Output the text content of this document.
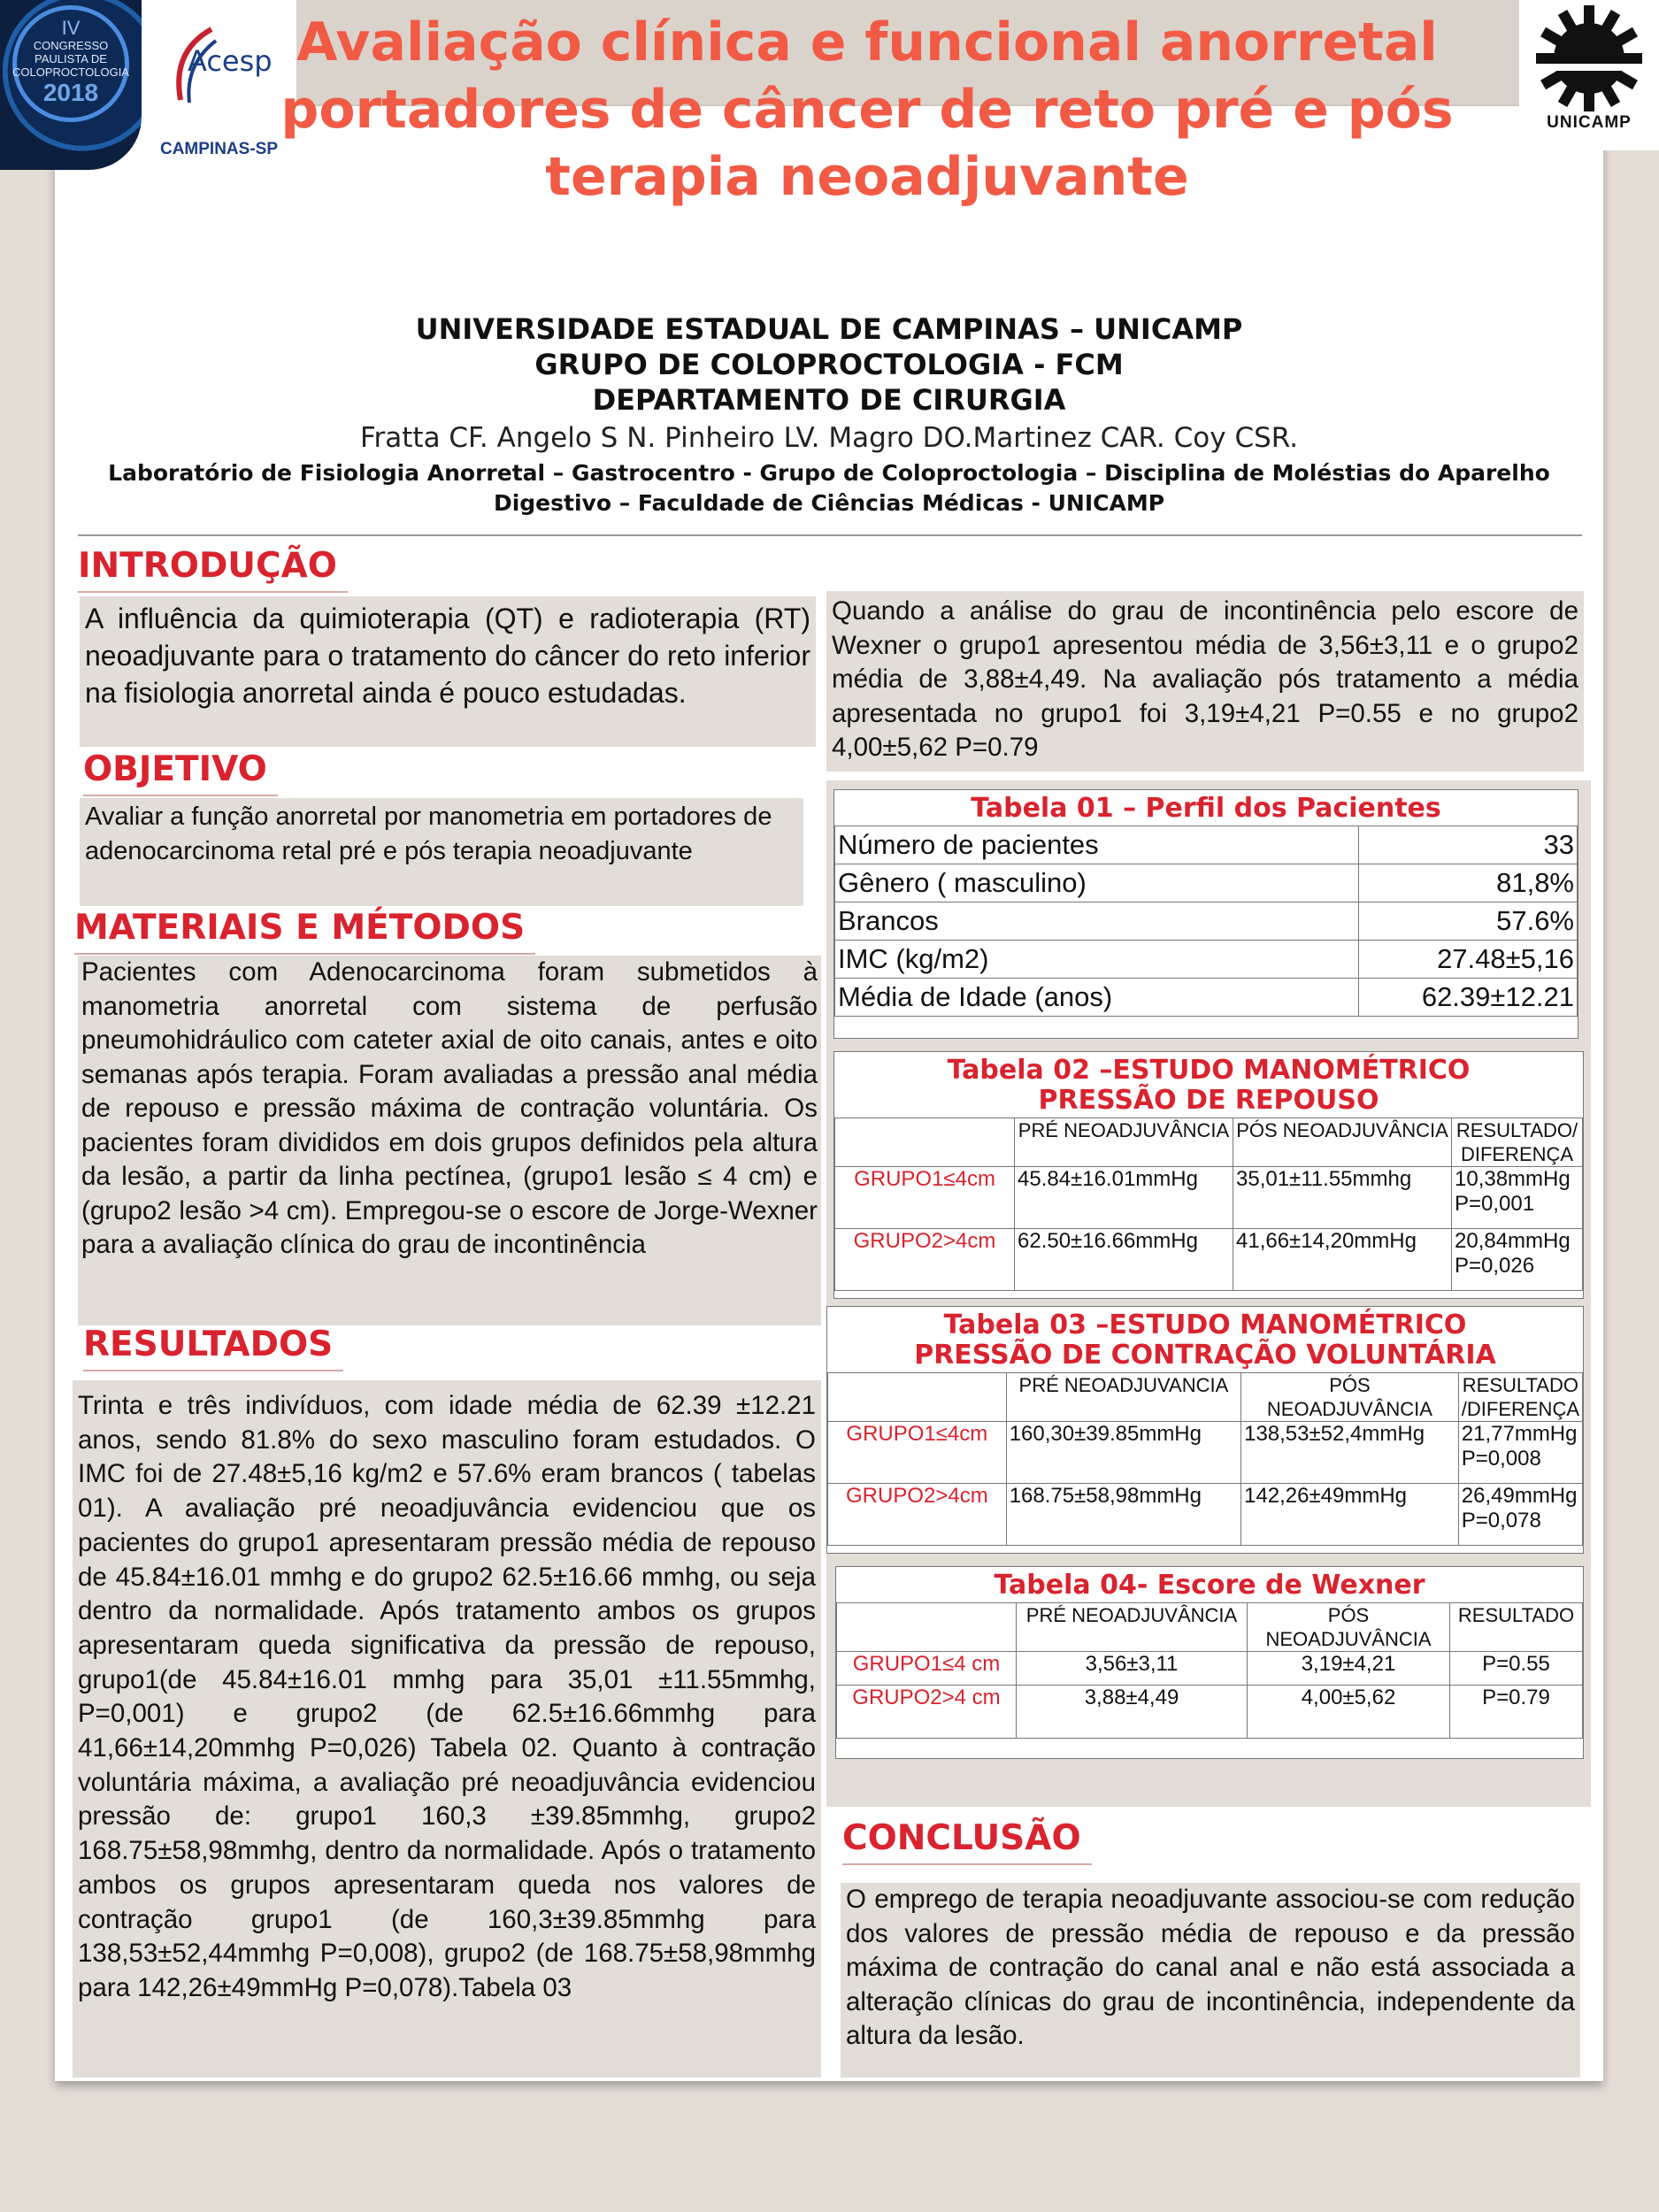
IV
CONGRESSO PAULISTA DE COLOPROCTOLOGIA
2018
Acesp
CAMPINAS-SP
UNICAMP
Avaliação clínica e funcional anorretal portadores de câncer de reto pré e pós terapia neoadjuvante
UNIVERSIDADE ESTADUAL DE CAMPINAS – UNICAMP
GRUPO DE COLOPROCTOLOGIA - FCM
DEPARTAMENTO DE CIRURGIA
Fratta CF. Angelo S N. Pinheiro LV. Magro DO.Martinez CAR. Coy CSR.
Laboratório de Fisiologia Anorretal – Gastrocentro - Grupo de Coloproctologia – Disciplina de Moléstias do Aparelho Digestivo – Faculdade de Ciências Médicas - UNICAMP
INTRODUÇÃO

A influência da quimioterapia (QT) e radioterapia (RT) neoadjuvante para o tratamento do câncer do reto inferior na fisiologia anorretal ainda é pouco estudadas.

OBJETIVO

Avaliar a função anorretal por manometria em portadores de adenocarcinoma retal pré e pós terapia neoadjuvante

MATERIAIS E MÉTODOS

Pacientes com Adenocarcinoma foram submetidos à manometria anorretal com sistema de perfusão pneumohidráulico com cateter axial de oito canais, antes e oito semanas após terapia. Foram avaliadas a pressão anal média de repouso e pressão máxima de contração voluntária. Os pacientes foram divididos em dois grupos definidos pela altura da lesão, a partir da linha pectínea, (grupo1 lesão ≤ 4 cm) e (grupo2 lesão >4 cm). Empregou-se o escore de Jorge-Wexner para a avaliação clínica do grau de incontinência

RESULTADOS

Trinta e três indivíduos, com idade média de 62.39 ±12.21 anos, sendo 81.8% do sexo masculino foram estudados. O IMC foi de 27.48±5,16 kg/m2 e 57.6% eram brancos ( tabelas 01). A avaliação pré neoadjuvância evidenciou que os pacientes do grupo1 apresentaram pressão média de repouso de 45.84±16.01 mmhg e do grupo2 62.5±16.66 mmhg, ou seja dentro da normalidade. Após tratamento ambos os grupos apresentaram queda significativa da pressão de repouso, grupo1(de 45.84±16.01 mmhg para 35,01 ±11.55mmhg, P=0,001) e grupo2 (de 62.5±16.66mmhg para 41,66±14,20mmhg P=0,026) Tabela 02. Quanto à contração voluntária máxima, a avaliação pré neoadjuvância evidenciou pressão de: grupo1 160,3 ±39.85mmhg, grupo2 168.75±58,98mmhg, dentro da normalidade. Após o tratamento ambos os grupos apresentaram queda nos valores de contração grupo1 (de 160,3±39.85mmhg para 138,53±52,44mmhg P=0,008), grupo2 (de 168.75±58,98mmhg para 142,26±49mmHg P=0,078).Tabela 03

Quando a análise do grau de incontinência pelo escore de Wexner o grupo1 apresentou média de 3,56±3,11 e o grupo2 média de 3,88±4,49. Na avaliação pós tratamento a média apresentada no grupo1 foi 3,19±4,21 P=0.55 e no grupo2 4,00±5,62 P=0.79

Tabela 01 – Perfil dos Pacientes	
Número de pacientes	33
Gênero ( masculino)	81,8%
Brancos	57.6%
IMC (kg/m2)	27.48±5,16
Média de Idade (anos)	62.39±12.21
Tabela 02 –ESTUDO MANOMÉTRICO
PRESSÃO DE REPOUSO			
	PRÉ NEOADJUVÂNCIA	PÓS NEOADJUVÂNCIA	RESULTADO/ DIFERENÇA
GRUPO1≤4cm	45.84±16.01mmHg	35,01±11.55mmhg	10,38mmHg
P=0,001

GRUPO2>4cm	62.50±16.66mmHg	41,66±14,20mmHg	20,84mmHg
P=0,026
Tabela 03 –ESTUDO MANOMÉTRICO
PRESSÃO DE CONTRAÇÃO VOLUNTÁRIA			
	PRÉ NEOADJUVANCIA	PÓS NEOADJUVÂNCIA	RESULTADO /DIFERENÇA
GRUPO1≤4cm	160,30±39.85mmHg	138,53±52,4mmHg	21,77mmHg
P=0,008

GRUPO2>4cm	168.75±58,98mmHg	142,26±49mmHg	26,49mmHg
P=0,078
Tabela 04- Escore de Wexner			
	PRÉ NEOADJUVÂNCIA	PÓS NEOADJUVÂNCIA	RESULTADO
GRUPO1≤4 cm	3,56±3,11	3,19±4,21	P=0.55
GRUPO2>4 cm	3,88±4,49	4,00±5,62	P=0.79
CONCLUSÃO

O emprego de terapia neoadjuvante associou-se com redução dos valores de pressão média de repouso e da pressão máxima de contração do canal anal e não está associada a alteração clínicas do grau de incontinência, independente da altura da lesão.
